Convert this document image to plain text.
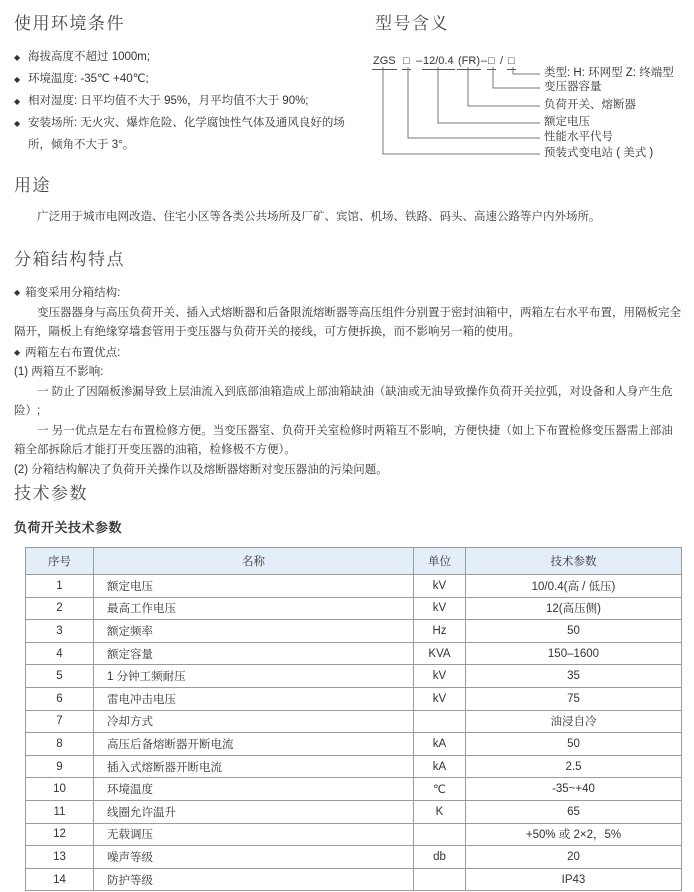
使用环境条件
◆ 海拔高度不超过 1000m;
◆ 环境温度: -35℃ +40℃;
◆ 相对湿度: 日平均值不大于 95%，月平均值不大于 90%;
◆ 安装场所: 无火灾、爆炸危险、化学腐蚀性气体及通风良好的场所，倾角不大于 3°。
型号含义
ZGS □ – 12/0.4 (FR) – □ / □
类型: H: 环网型 Z: 终端型
变压器容量
负荷开关、熔断器
额定电压
性能水平代号
预装式变电站 ( 美式 )
用途

广泛用于城市电网改造、住宅小区等各类公共场所及厂矿、宾馆、机场、铁路、码头、高速公路等户内外场所。

分箱结构特点

◆ 箱变采用分箱结构:

变压器器身与高压负荷开关、插入式熔断器和后备限流熔断器等高压组件分别置于密封油箱中，两箱左右水平布置，用隔板完全隔开，隔板上有绝缘穿墙套管用于变压器与负荷开关的接线，可方便拆换，而不影响另一箱的使用。

◆ 两箱左右布置优点:

(1) 两箱互不影响:

一 防止了因隔板渗漏导致上层油流入到底部油箱造成上部油箱缺油（缺油或无油导致操作负荷开关拉弧，对设备和人身产生危险）;

一 另一优点是左右布置检修方便。当变压器室、负荷开关室检修时两箱互不影响，方便快捷（如上下布置检修变压器需上部油箱全部拆除后才能打开变压器的油箱，检修极不方便）。

(2) 分箱结构解决了负荷开关操作以及熔断器熔断对变压器油的污染问题。

技术参数
负荷开关技术参数
序号	名称	单位	技术参数
1	额定电压	kV	10/0.4(高 / 低压)
2	最高工作电压	kV	12(高压侧)
3	额定频率	Hz	50
4	额定容量	KVA	150–1600
5	1 分钟工频耐压	kV	35
6	雷电冲击电压	kV	75
7	冷却方式		油浸自冷
8	高压后备熔断器开断电流	kA	50
9	插入式熔断器开断电流	kA	2.5
10	环境温度	℃	-35~+40
11	线圈允许温升	K	65
12	无载调压		+50% 或 2×2，5%
13	噪声等级	db	20
14	防护等级		IP43
